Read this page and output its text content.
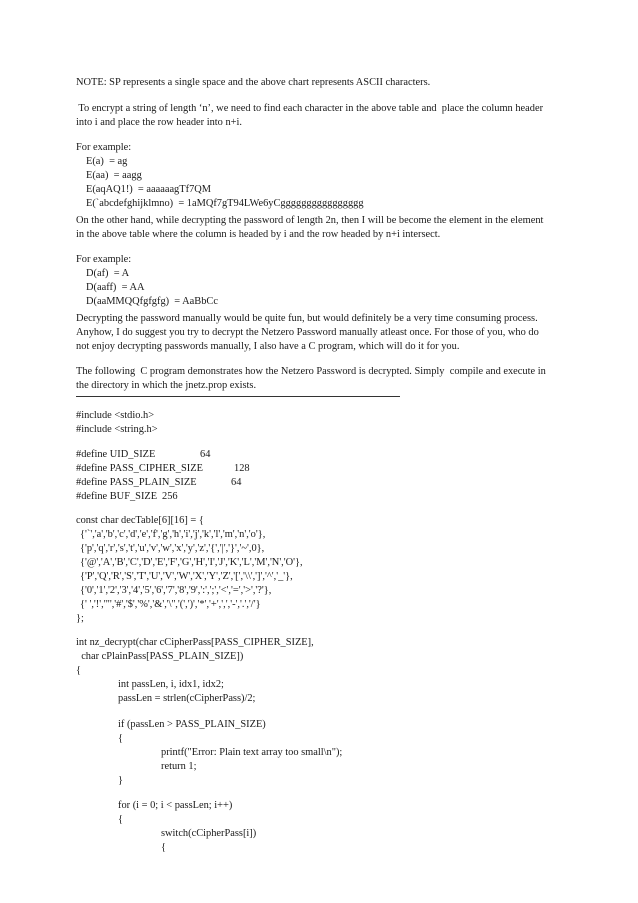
NOTE: SP represents a single space and the above chart represents ASCII characters.
To encrypt a string of length ‘n’, we need to find each character in the above table and  place the column header
into i and place the row header into n+i.
For example:
E(a)  = ag
E(aa)  = aagg
E(aqAQ1!)  = aaaaaagTf7QM
E(`abcdefghijklmno)  = 1aMQf7gT94LWe6yCgggggggggggggggg
On the other hand, while decrypting the password of length 2n, then I will be become the element in the element
in the above table where the column is headed by i and the row headed by n+i intersect.
For example:
D(af)  = A
D(aaff)  = AA
D(aaMMQQfgfgfg)  = AaBbCc
Decrypting the password manually would be quite fun, but would definitely be a very time consuming process.
Anyhow, I do suggest you try to decrypt the Netzero Password manually atleast once. For those of you, who do
not enjoy decrypting passwords manually, I also have a C program, which will do it for you.
The following  C program demonstrates how the Netzero Password is decrypted. Simply  compile and execute in
the directory in which the jnetz.prop exists.
#include <stdio.h>
#include <string.h>
#define UID_SIZE	64
#define PASS_CIPHER_SIZE	128
#define PASS_PLAIN_SIZE	64
#define BUF_SIZE 256
const char decTable[6][16] = {
{'`','a','b','c','d','e','f','g','h','i','j','k','l','m','n','o'},
{'p','q','r','s','t','u','v','w','x','y','z','{','|','}','~',0},
{'@','A','B','C','D','E','F','G','H','I','J','K','L','M','N','O'},
{'P','Q','R','S','T','U','V','W','X','Y','Z','[','\\',']','^','_'},
{'0','1','2','3','4','5','6','7','8','9',':',';','<','=','>','?'},
{' ','!','"','#','$','%','&','\'','(',')','*','+',',','-','.','/'}
};
int nz_decrypt(char cCipherPass[PASS_CIPHER_SIZE],
char cPlainPass[PASS_PLAIN_SIZE])
{
int passLen, i, idx1, idx2;
passLen = strlen(cCipherPass)/2;
if (passLen > PASS_PLAIN_SIZE)
{
printf("Error: Plain text array too small\n");
return 1;
}
for (i = 0; i < passLen; i++)
{
switch(cCipherPass[i])
{
